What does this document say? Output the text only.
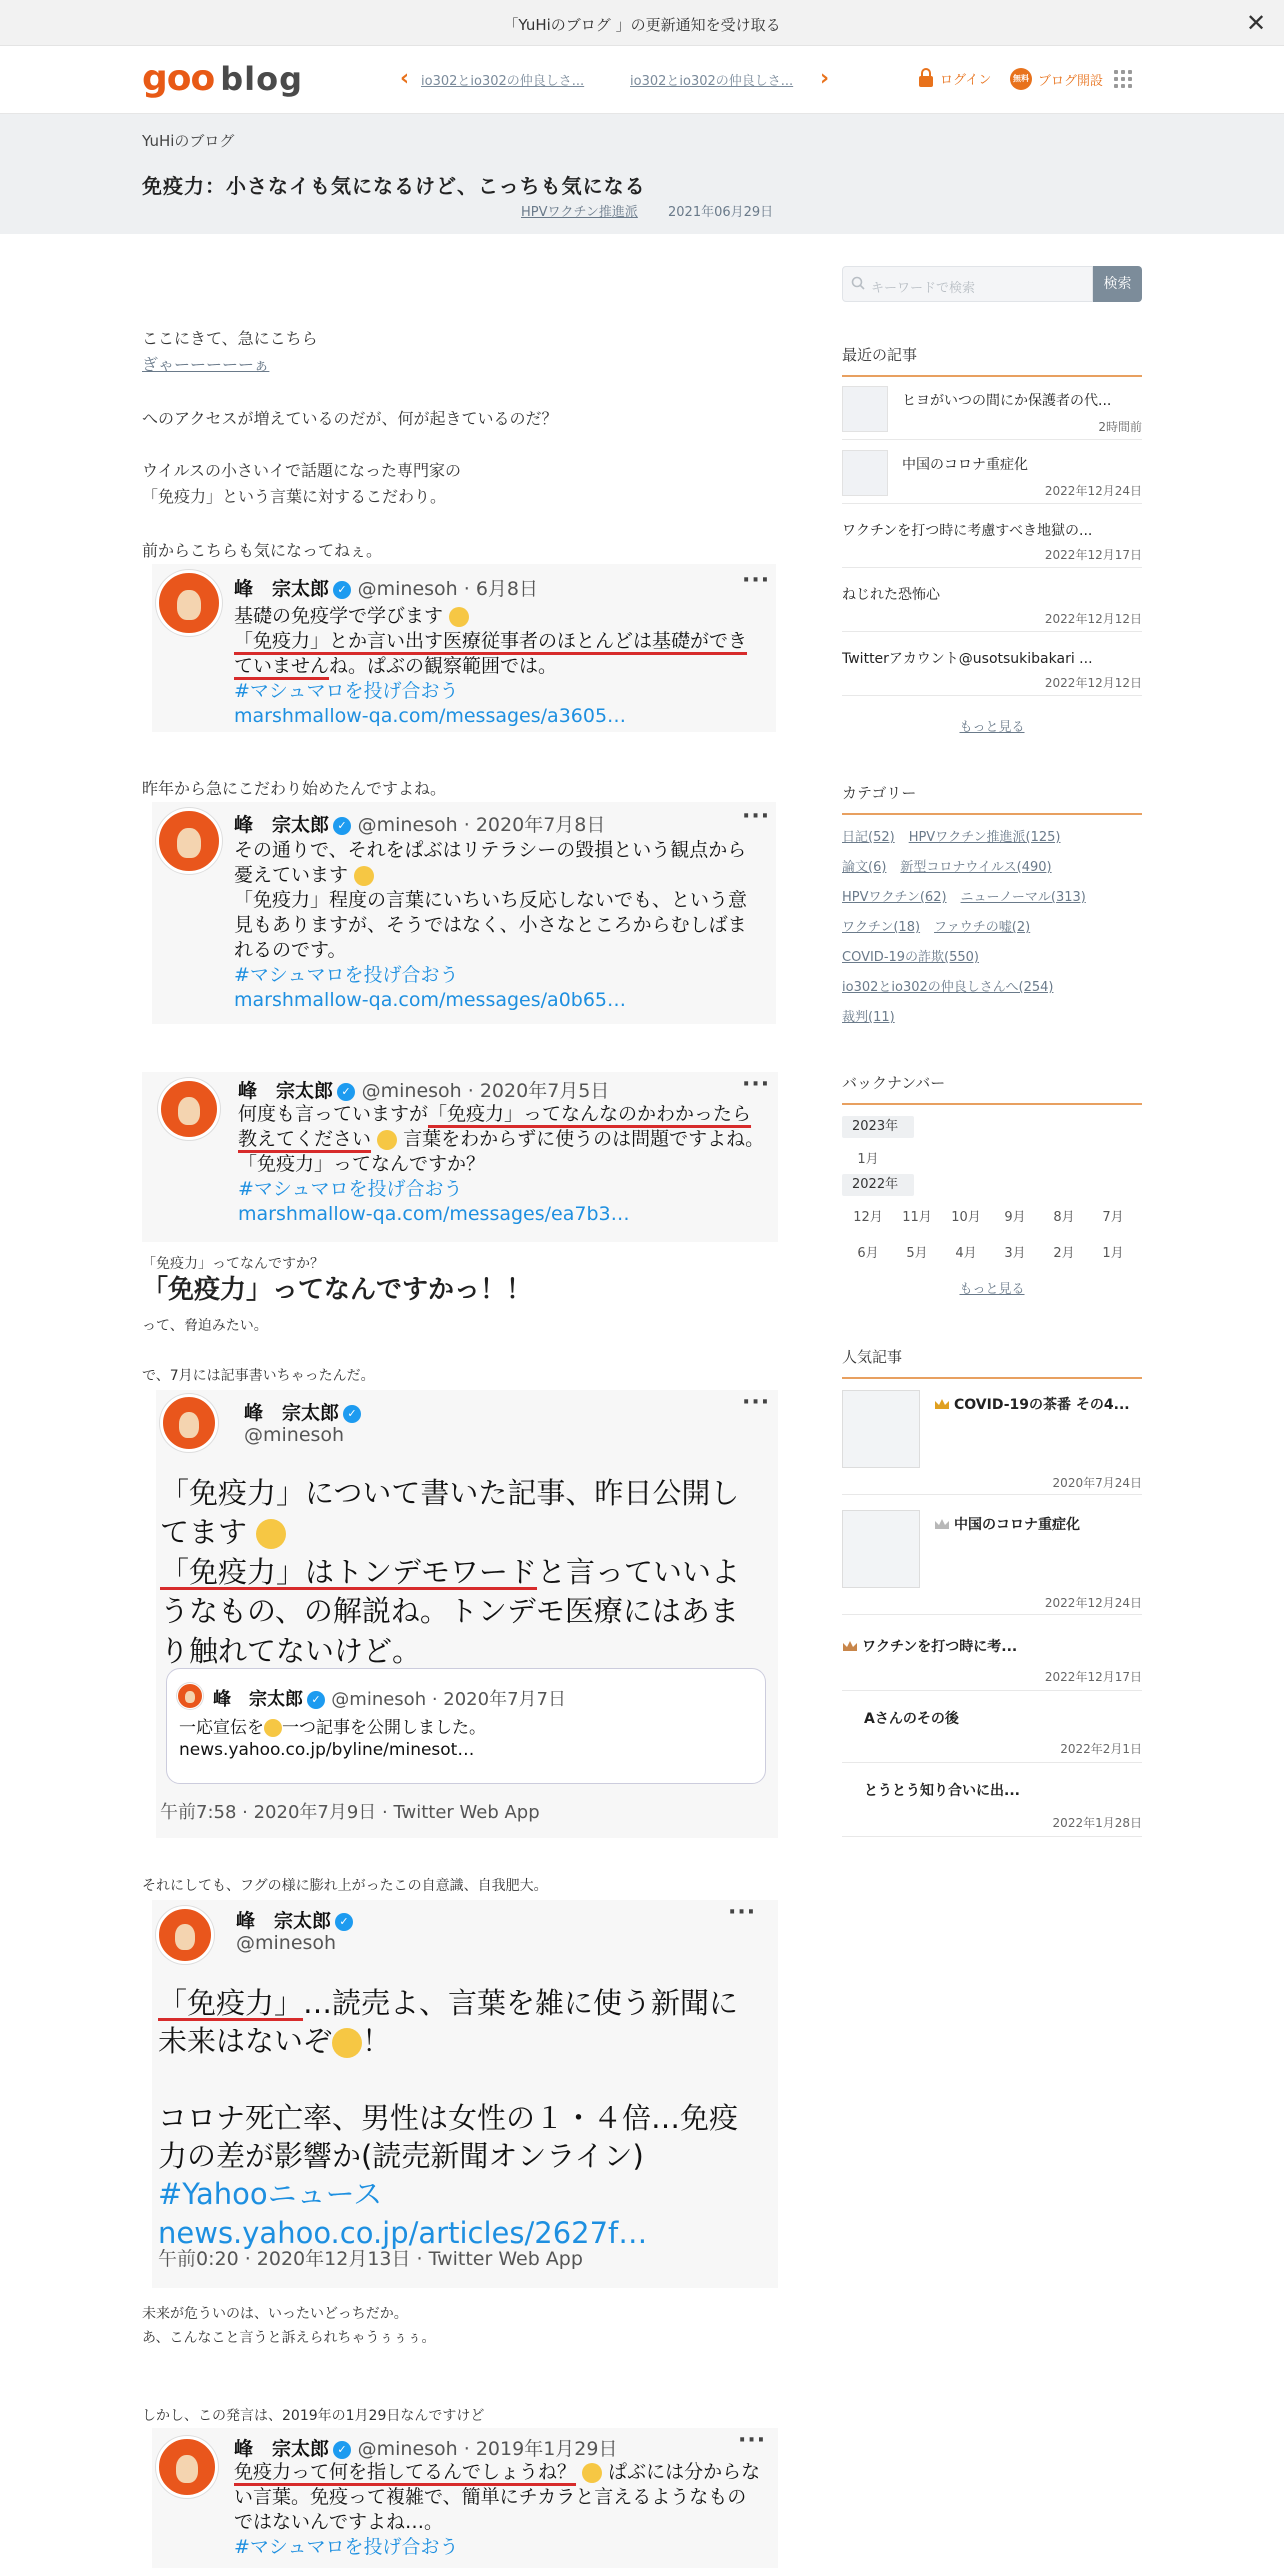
「YuHiのブログ 」の更新通知を受け取る	✕
goo blog	‹ io302とio302の仲良しさ...	io302とio302の仲良しさ... ›	ログイン	無料 ブログ開設
YuHiのブログ
免疫力：小さなイも気になるけど、こっちも気になる
HPVワクチン推進派 2021年06月29日
ここにきて、急にこちら
ぎゃーーーーーぁ
へのアクセスが増えているのだが、何が起きているのだ？
ウイルスの小さいイで話題になった専門家の
「免疫力」という言葉に対するこだわり。
前からこちらも気になってねぇ。
峰　宗太郎 ✓ @minesoh · 6月8日	···
基礎の免疫学で学びます
「免疫力」とか言い出す医療従事者のほとんどは基礎ができ
ていませんね。ぱぶの観察範囲では。
#マシュマロを投げ合おう
marshmallow-qa.com/messages/a3605…
昨年から急にこだわり始めたんですよね。
峰　宗太郎 ✓ @minesoh · 2020年7月8日	···
その通りで、それをぱぶはリテラシーの毀損という観点から
憂えています
「免疫力」程度の言葉にいちいち反応しないでも、という意
見もありますが、そうではなく、小さなところからむしばま
れるのです。
#マシュマロを投げ合おう
marshmallow-qa.com/messages/a0b65…
峰　宗太郎 ✓ @minesoh · 2020年7月5日	···
何度も言っていますが「免疫力」ってなんなのかわかったら
教えてください 言葉をわからずに使うのは問題ですよね。
「免疫力」ってなんですか？
#マシュマロを投げ合おう
marshmallow-qa.com/messages/ea7b3…
「免疫力」ってなんですか？
「免疫力」ってなんですかっ！！
って、脅迫みたい。
で、7月には記事書いちゃったんだ。
峰　宗太郎 ✓
@minesoh
···
「免疫力」について書いた記事、昨日公開し
てます
「免疫力」はトンデモワードと言っていいよ
うなもの、の解説ね。トンデモ医療にはあま
り触れてないけど。
峰　宗太郎 ✓ @minesoh · 2020年7月7日
一応宣伝を 一つ記事を公開しました。
news.yahoo.co.jp/byline/minesot…
午前7:58 · 2020年7月9日 · Twitter Web App
それにしても、フグの様に膨れ上がったこの自意識、自我肥大。
峰　宗太郎 ✓
@minesoh
···
「免疫力」…読売よ、言葉を雑に使う新聞に
未来はないぞ ！

コロナ死亡率、男性は女性の１・４倍…免疫
力の差が影響か(読売新聞オンライン)
#Yahooニュース
news.yahoo.co.jp/articles/2627f…
午前0:20 · 2020年12月13日 · Twitter Web App
未来が危ういのは、いったいどっちだか。
あ、こんなこと言うと訴えられちゃうぅぅぅ。
しかし、この発言は、2019年の1月29日なんですけど
峰　宗太郎 ✓ @minesoh · 2019年1月29日	···
免疫力って何を指してるんでしょうね？ ぱぶには分からな
い言葉。免疫って複雑で、簡単にチカラと言えるようなもの
ではないんですよね…。
#マシュマロを投げ合おう
キーワードで検索	検索
最近の記事
ヒヨがいつの間にか保護者の代...
2時間前
中国のコロナ重症化
2022年12月24日
ワクチンを打つ時に考慮すべき地獄の...
2022年12月17日
ねじれた恐怖心
2022年12月12日
Twitterアカウント@usotsukibakari ...
2022年12月12日
もっと見る
カテゴリー
日記(52) HPVワクチン推進派(125)
論文(6) 新型コロナウイルス(490)
HPVワクチン(62) ニューノーマル(313)
ワクチン(18) ファウチの嘘(2)
COVID-19の詐欺(550)
io302とio302の仲良しさんへ(254)
裁判(11)
バックナンバー
2023年
1月
2022年
12月	11月	10月	9月	8月	7月
6月	5月	4月	3月	2月	1月
もっと見る
人気記事
COVID-19の茶番 その4...
2020年7月24日
中国のコロナ重症化
2022年12月24日
ワクチンを打つ時に考...
2022年12月17日
Aさんのその後
2022年2月1日
とうとう知り合いに出...
2022年1月28日
